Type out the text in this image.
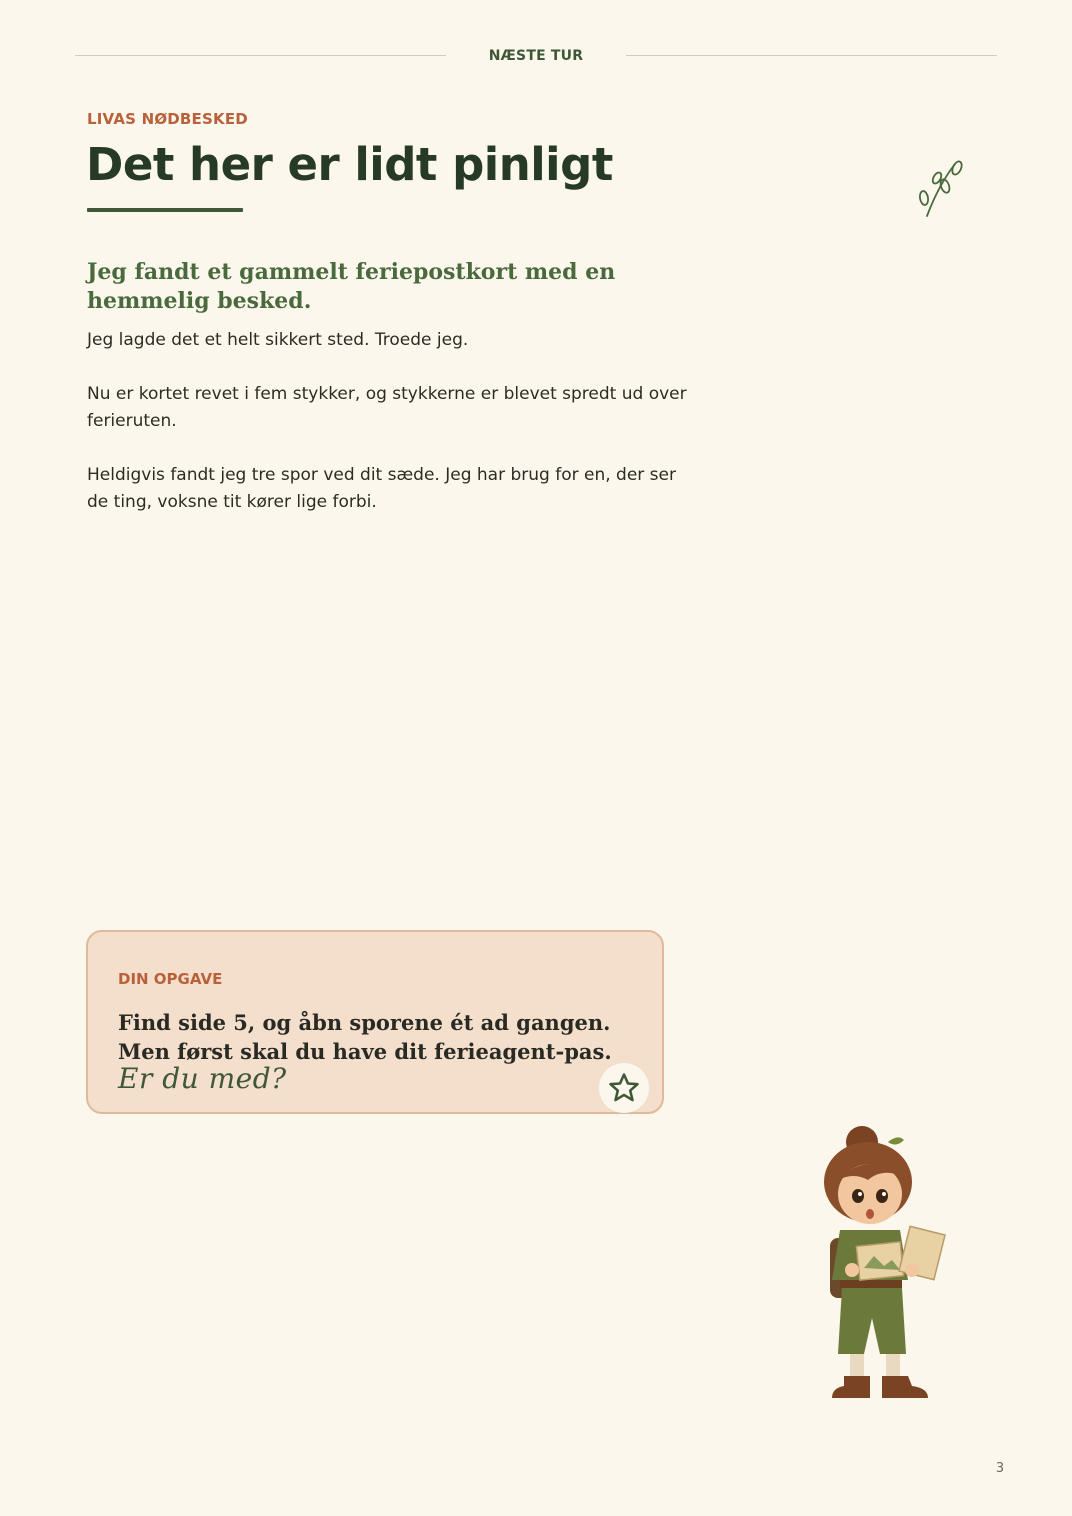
NÆSTE TUR
LIVAS NØDBESKED
Det her er lidt pinligt
Jeg fandt et gammelt feriepostkort med en hemmelig besked.

Jeg lagde det et helt sikkert sted. Troede jeg.

Nu er kortet revet i fem stykker, og stykkerne er blevet spredt ud over ferieruten.

Heldigvis fandt jeg tre spor ved dit sæde. Jeg har brug for en, der ser de ting, voksne tit kører lige forbi.

DIN OPGAVE

Find side 5, og åbn sporene ét ad gangen.
Men først skal du have dit ferieagent-pas.

Er du med?
3
